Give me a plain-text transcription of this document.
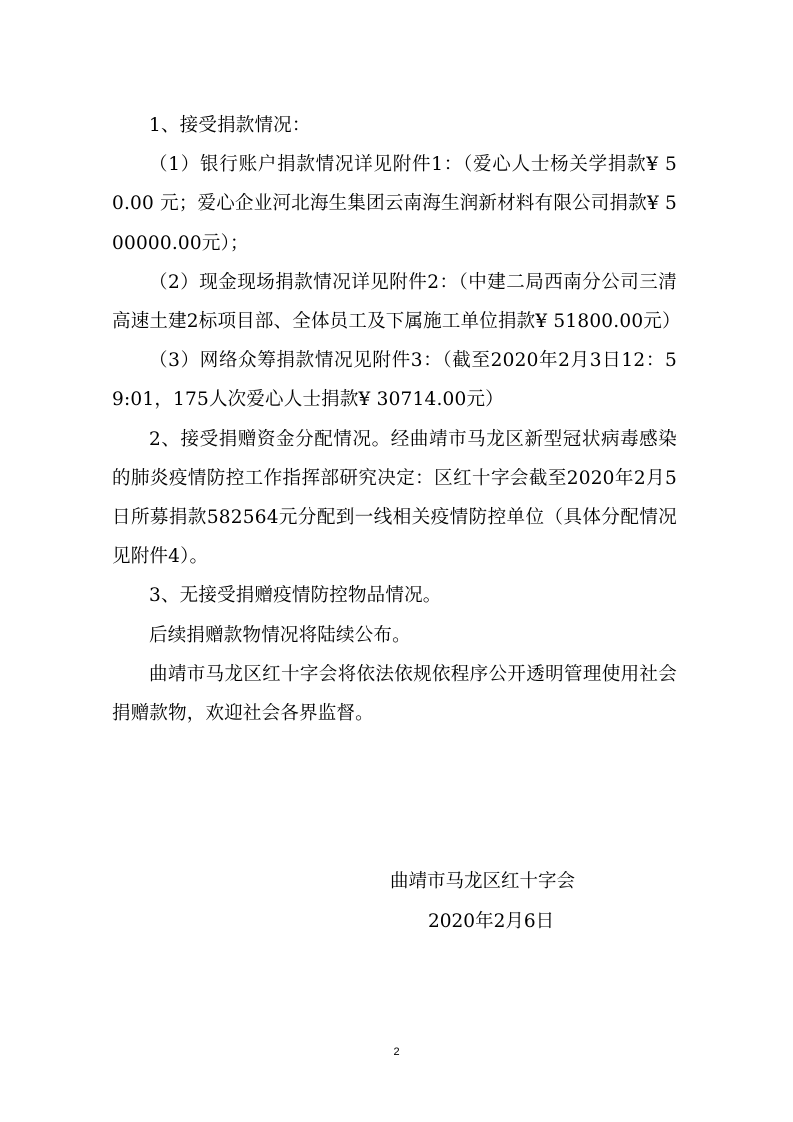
1、接受捐款情况：

（1）银行账户捐款情况详见附件1：（爱心人士杨关学捐款¥ 50.00 元；爱心企业河北海生集团云南海生润新材料有限公司捐款¥ 500000.00元）；

（2）现金现场捐款情况详见附件2：（中建二局西南分公司三清高速土建2标项目部、全体员工及下属施工单位捐款¥ 51800.00元）

（3）网络众筹捐款情况见附件3：（截至2020年2月3日12：59:01，175人次爱心人士捐款¥ 30714.00元）

2、接受捐赠资金分配情况。经曲靖市马龙区新型冠状病毒感染的肺炎疫情防控工作指挥部研究决定：区红十字会截至2020年2月5日所募捐款582564元分配到一线相关疫情防控单位（具体分配情况见附件4）。

3、无接受捐赠疫情防控物品情况。

后续捐赠款物情况将陆续公布。

曲靖市马龙区红十字会将依法依规依程序公开透明管理使用社会捐赠款物，欢迎社会各界监督。

曲靖市马龙区红十字会
2020年2月6日
2
